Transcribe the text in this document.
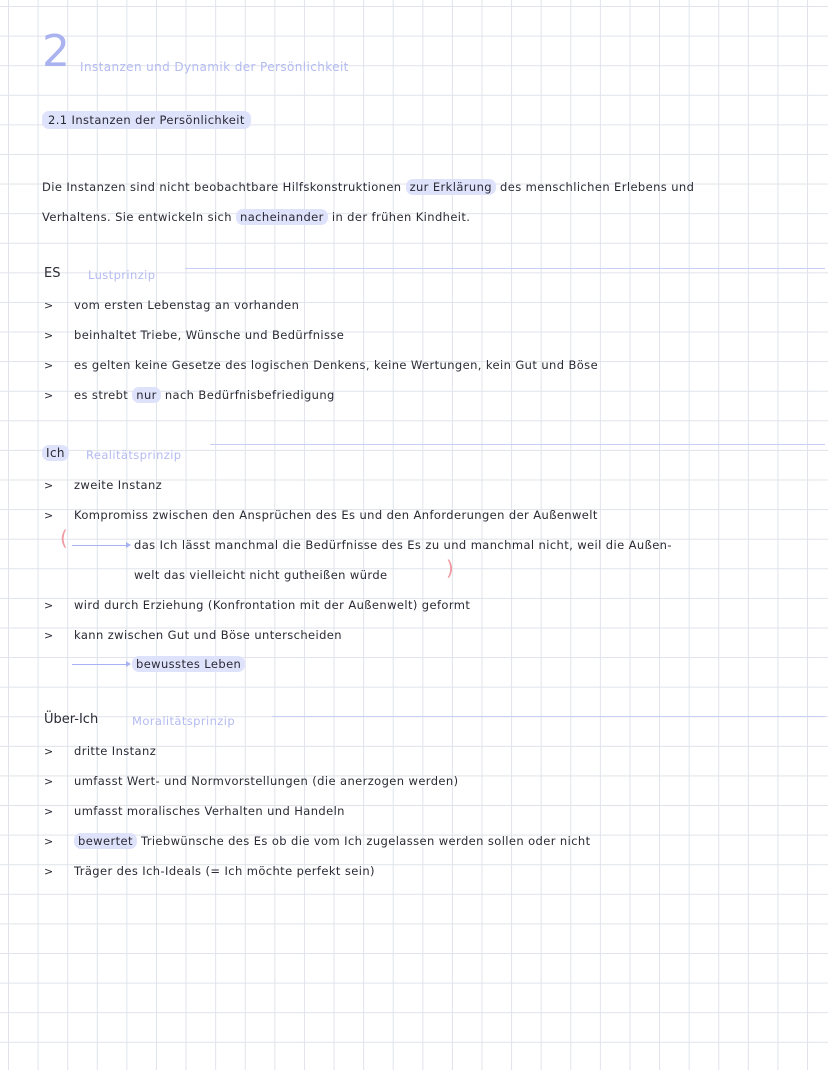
2 Instanzen und Dynamik der Persönlichkeit
2.1 Instanzen der Persönlichkeit
Die Instanzen sind nicht beobachtbare Hilfskonstruktionen zur Erklärung des menschlichen Erlebens und
Verhaltens. Sie entwickeln sich nacheinander in der frühen Kindheit.
ES Lustprinzip
> vom ersten Lebenstag an vorhanden
> beinhaltet Triebe, Wünsche und Bedürfnisse
> es gelten keine Gesetze des logischen Denkens, keine Wertungen, kein Gut und Böse
> es strebt nur nach Bedürfnisbefriedigung
Ich	Realitätsprinzip
> zweite Instanz
> Kompromiss zwischen den Ansprüchen des Es und den Anforderungen der Außenwelt
(	das Ich lässt manchmal die Bedürfnisse des Es zu und manchmal nicht, weil die Außen-
welt das vielleicht nicht gutheißen würde	)
> wird durch Erziehung (Konfrontation mit der Außenwelt) geformt
> kann zwischen Gut und Böse unterscheiden
bewusstes Leben
Über-Ich	Moralitätsprinzip
> dritte Instanz
> umfasst Wert- und Normvorstellungen (die anerzogen werden)
> umfasst moralisches Verhalten und Handeln
>	bewertet Triebwünsche des Es ob die vom Ich zugelassen werden sollen oder nicht
> Träger des Ich-Ideals (= Ich möchte perfekt sein)
